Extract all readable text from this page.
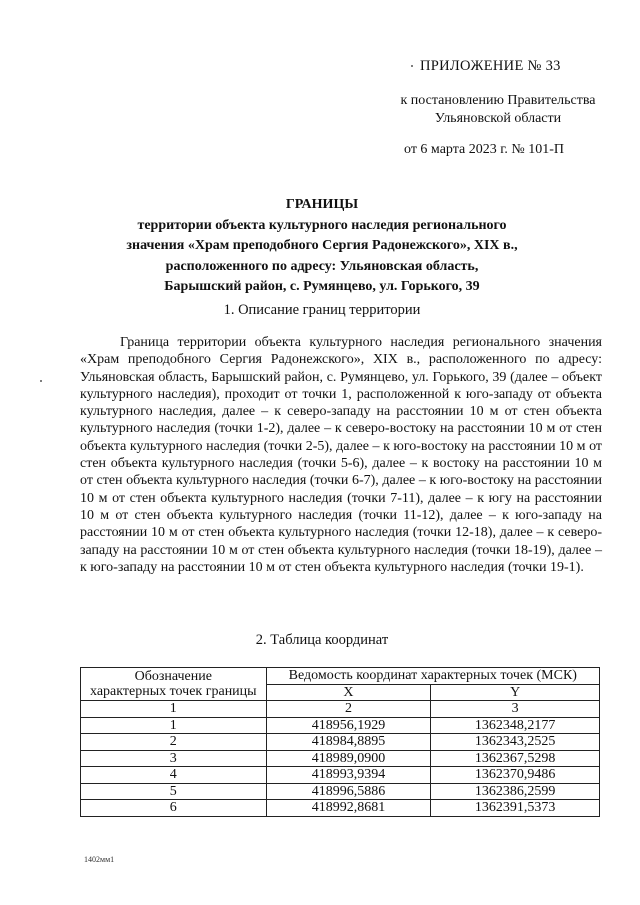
ПРИЛОЖЕНИЕ № 33
к постановлению Правительства
Ульяновской области
от 6 марта 2023 г. № 101-П
ГРАНИЦЫ
территории объекта культурного наследия регионального
значения «Храм преподобного Сергия Радонежского», XIX в.,
расположенного по адресу: Ульяновская область,
Барышский район, с. Румянцево, ул. Горького, 39
1. Описание границ территории
Граница территории объекта культурного наследия регионального значения «Храм преподобного Сергия Радонежского», XIX в., расположенного по адресу: Ульяновская область, Барышский район, с. Румянцево, ул. Горького, 39 (далее – объект культурного наследия), проходит от точки 1, расположенной к юго-западу от объекта культурного наследия, далее – к северо-западу на расстоянии 10 м от стен объекта культурного наследия (точки 1-2), далее – к северо-востоку на расстоянии 10 м от стен объекта культурного наследия (точки 2-5), далее – к юго-востоку на расстоянии 10 м от стен объекта культурного наследия (точки 5-6), далее – к востоку на расстоянии 10 м от стен объекта культурного наследия (точки 6-7), далее – к юго-востоку на расстоянии 10 м от стен объекта культурного наследия (точки 7-11), далее – к югу на расстоянии 10 м от стен объекта культурного наследия (точки 11-12), далее – к юго-западу на расстоянии 10 м от стен объекта культурного наследия (точки 12-18), далее – к северо-западу на расстоянии 10 м от стен объекта культурного наследия (точки 18-19), далее – к юго-западу на расстоянии 10 м от стен объекта культурного наследия (точки 19-1).
2. Таблица координат
Обозначение
характерных точек границы	Ведомость координат характерных точек (МСК)	
	X	Y
1	2	3
1	418956,1929	1362348,2177
2	418984,8895	1362343,2525
3	418989,0900	1362367,5298
4	418993,9394	1362370,9486
5	418996,5886	1362386,2599
6	418992,8681	1362391,5373
1402мм1
